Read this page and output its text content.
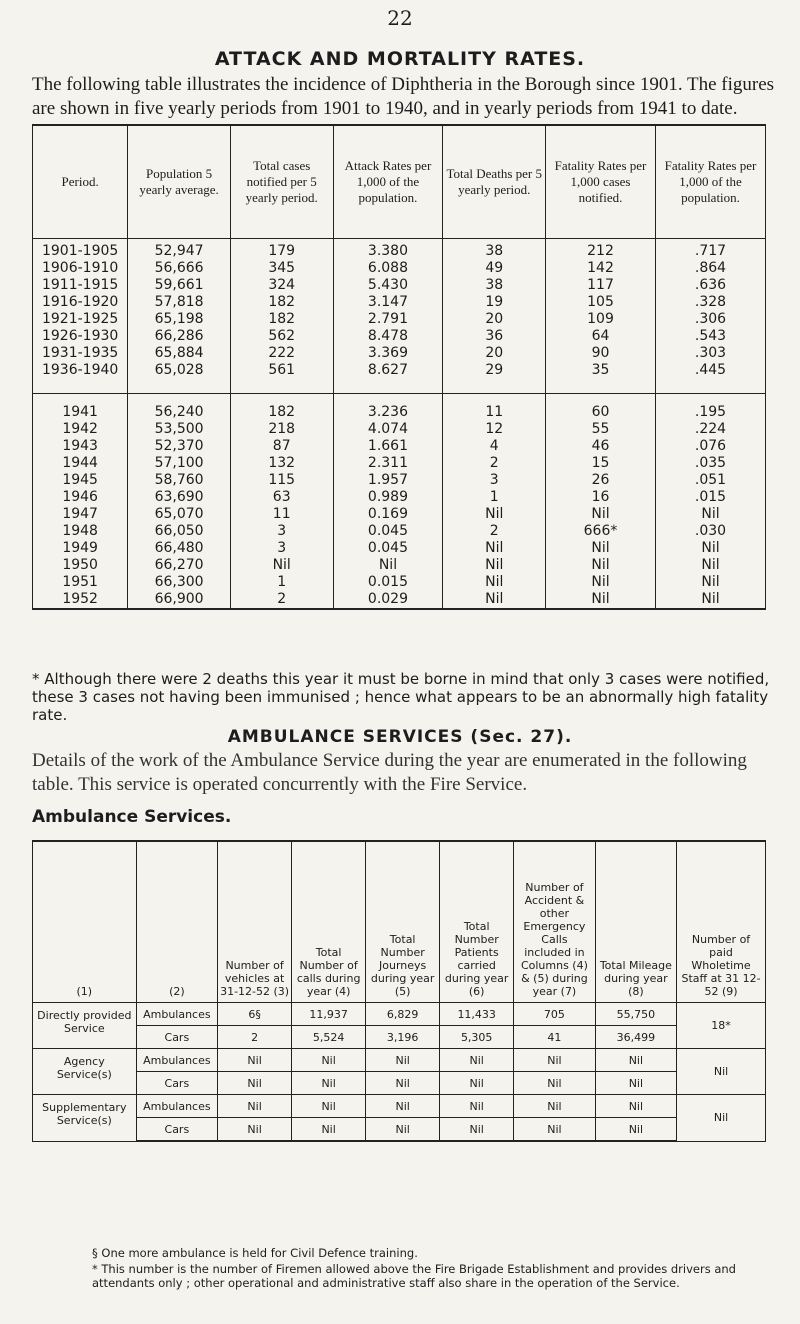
22
ATTACK AND MORTALITY RATES.
The following table illustrates the incidence of Diphtheria in the Borough since 1901. The figures are shown in five yearly periods from 1901 to 1940, and in yearly periods from 1941 to date.
Period.	Population 5 yearly average.	Total cases notified per 5 yearly period.	Attack Rates per 1,000 of the population.	Total Deaths per 5 yearly period.	Fatality Rates per 1,000 cases notified.	Fatality Rates per 1,000 of the population.
1901-1905	52,947	179	3.380	38	212	.717
1906-1910	56,666	345	6.088	49	142	.864
1911-1915	59,661	324	5.430	38	117	.636
1916-1920	57,818	182	3.147	19	105	.328
1921-1925	65,198	182	2.791	20	109	.306
1926-1930	66,286	562	8.478	36	64	.543
1931-1935	65,884	222	3.369	20	90	.303
1936-1940	65,028	561	8.627	29	35	.445
1941	56,240	182	3.236	11	60	.195
1942	53,500	218	4.074	12	55	.224
1943	52,370	87	1.661	4	46	.076
1944	57,100	132	2.311	2	15	.035
1945	58,760	115	1.957	3	26	.051
1946	63,690	63	0.989	1	16	.015
1947	65,070	11	0.169	Nil	Nil	Nil
1948	66,050	3	0.045	2	666*	.030
1949	66,480	3	0.045	Nil	Nil	Nil
1950	66,270	Nil	Nil	Nil	Nil	Nil
1951	66,300	1	0.015	Nil	Nil	Nil
1952	66,900	2	0.029	Nil	Nil	Nil
* Although there were 2 deaths this year it must be borne in mind that only 3 cases were notified, these 3 cases not having been immunised ; hence what appears to be an abnormally high fatality rate.
AMBULANCE SERVICES (Sec. 27).
Details of the work of the Ambulance Service during the year are enumerated in the following table. This service is operated concurrently with the Fire Service.
Ambulance Services.
(1)	(2)	Number of vehicles at 31-12-52 (3)	Total Number of calls during year (4)	Total Number Journeys during year (5)	Total Number Patients carried during year (6)	Number of Accident & other Emergency Calls included in Columns (4) & (5) during year (7)	Total Mileage during year (8)	Number of paid Wholetime Staff at 31 12-52 (9)
Directly provided Service	Ambulances	6§	11,937	6,829	11,433	705	55,750	18*
	Cars	2	5,524	3,196	5,305	41	36,499	
Agency Service(s)	Ambulances	Nil	Nil	Nil	Nil	Nil	Nil	Nil
	Cars	Nil	Nil	Nil	Nil	Nil	Nil	
Supplementary Service(s)	Ambulances	Nil	Nil	Nil	Nil	Nil	Nil	Nil
	Cars	Nil	Nil	Nil	Nil	Nil	Nil	
§ One more ambulance is held for Civil Defence training.
* This number is the number of Firemen allowed above the Fire Brigade Establishment and provides drivers and attendants only ; other operational and administrative staff also share in the operation of the Service.
